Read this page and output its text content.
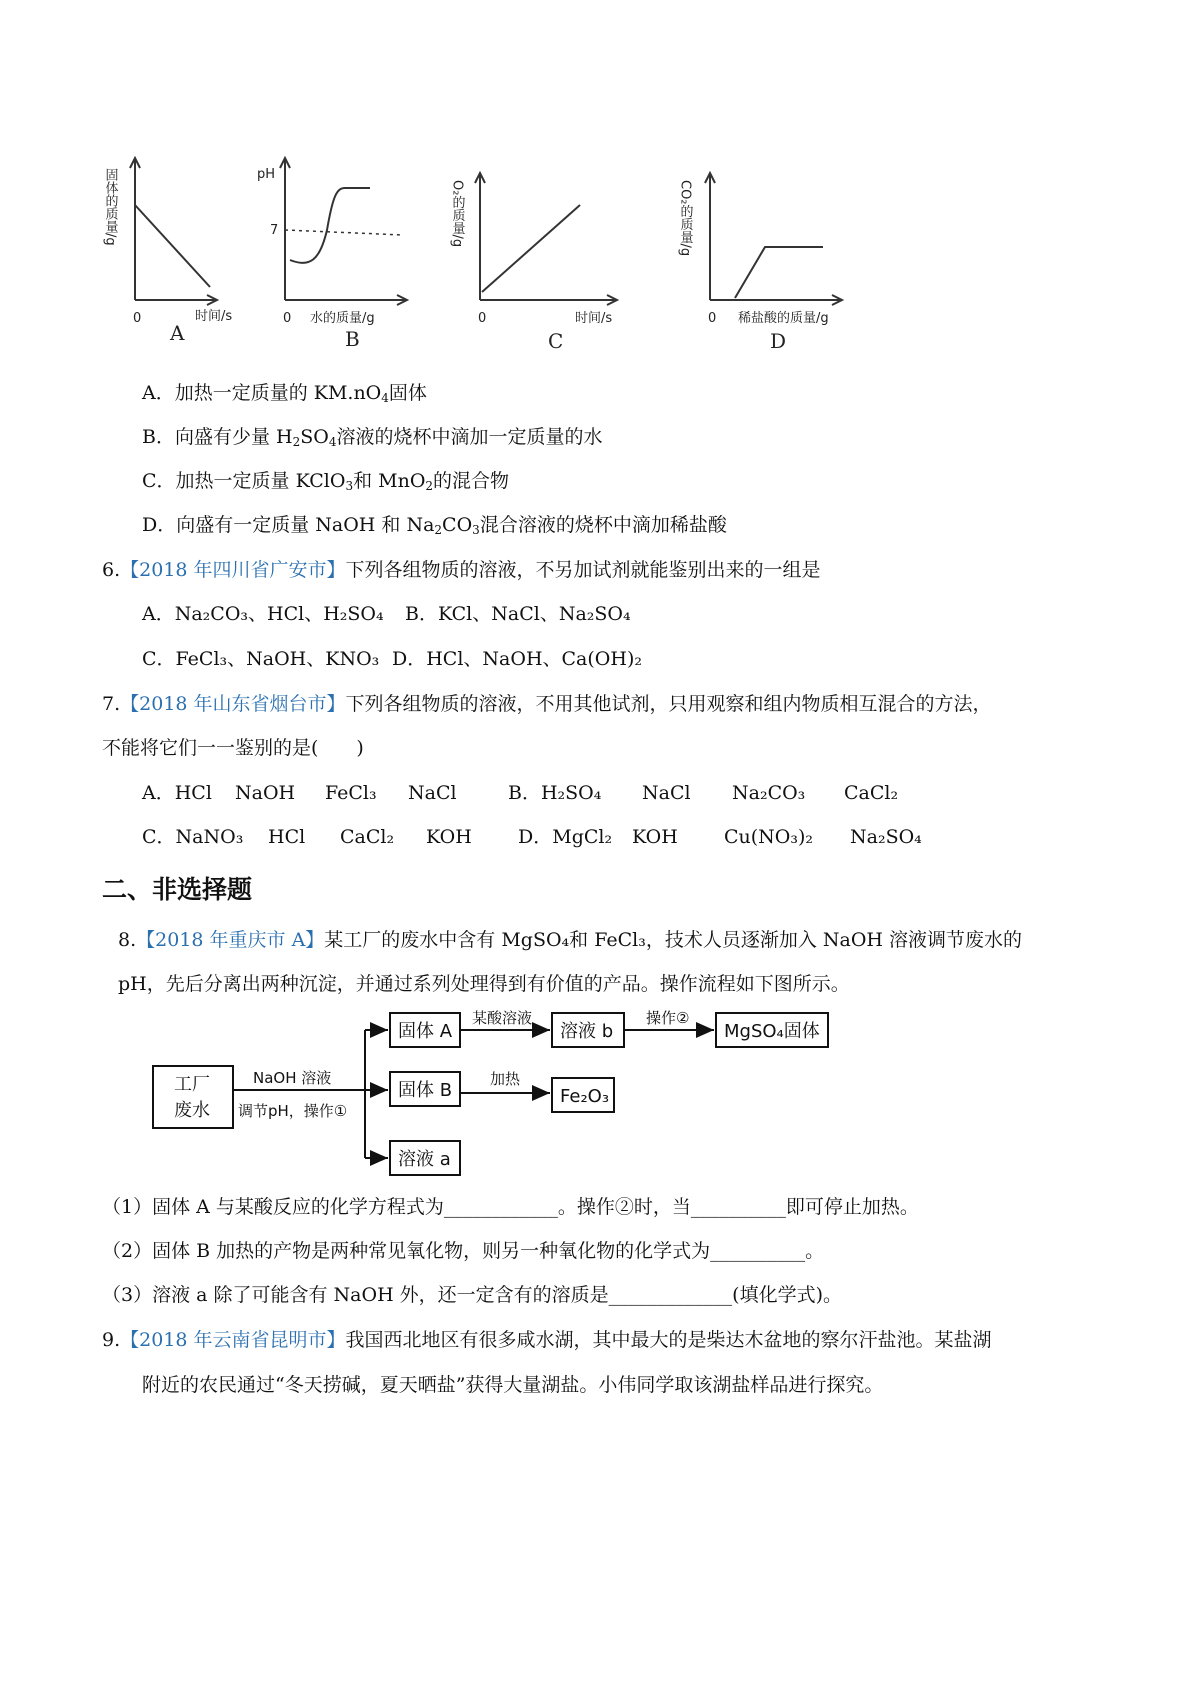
固体的质量/g
0	时间/s
A
pH
7
0 水的质量/g
B
O₂的质量/g
0	时间/s
C
CO₂的质量/g
0 稀盐酸的质量/g
D
A．加热一定质量的 $KM.nO_4$固体
B．向盛有少量 $H_2SO_4$溶液的烧杯中滴加一定质量的水
C．加热一定质量 KClO$_3$和 MnO$_2$的混合物
D．向盛有一定质量 NaOH 和 $Na_2CO_3$混合溶液的烧杯中滴加稀盐酸
6.【2018 年四川省广安市】下列各组物质的溶液，不另加试剂就能鉴别出来的一组是
A．Na₂CO₃、HCl、H₂SO₄ B．KCl、NaCl、Na₂SO₄
C．FeCl₃、NaOH、KNO₃ D．HCl、NaOH、Ca(OH)₂
7.【2018 年山东省烟台市】下列各组物质的溶液，不用其他试剂，只用观察和组内物质相互混合的方法，
不能将它们一一鉴别的是(　　)
A．HCl NaOH FeCl₃ NaCl	B．H₂SO₄ NaCl Na₂CO₃ CaCl₂
C．NaNO₃ HCl CaCl₂ KOH D．MgCl₂ KOH Cu(NO₃)₂ Na₂SO₄
二、非选择题
8.【2018 年重庆市 A】某工厂的废水中含有 MgSO₄和 FeCl₃，技术人员逐渐加入 NaOH 溶液调节废水的
pH，先后分离出两种沉淀，并通过系列处理得到有价值的产品。操作流程如下图所示。
工厂
废水
NaOH 溶液
调节pH，操作①
固体 A
某酸溶液
溶液 b
操作②
MgSO₄固体
固体 B
加热
Fe₂O₃
溶液 a
（1）固体 A 与某酸反应的化学方程式为____________。操作②时，当__________即可停止加热。
（2）固体 B 加热的产物是两种常见氧化物，则另一种氧化物的化学式为__________。
（3）溶液 a 除了可能含有 NaOH 外，还一定含有的溶质是_____________(填化学式)。
9.【2018 年云南省昆明市】我国西北地区有很多咸水湖，其中最大的是柴达木盆地的察尔汗盐池。某盐湖
附近的农民通过“冬天捞碱，夏天晒盐”获得大量湖盐。小伟同学取该湖盐样品进行探究。
